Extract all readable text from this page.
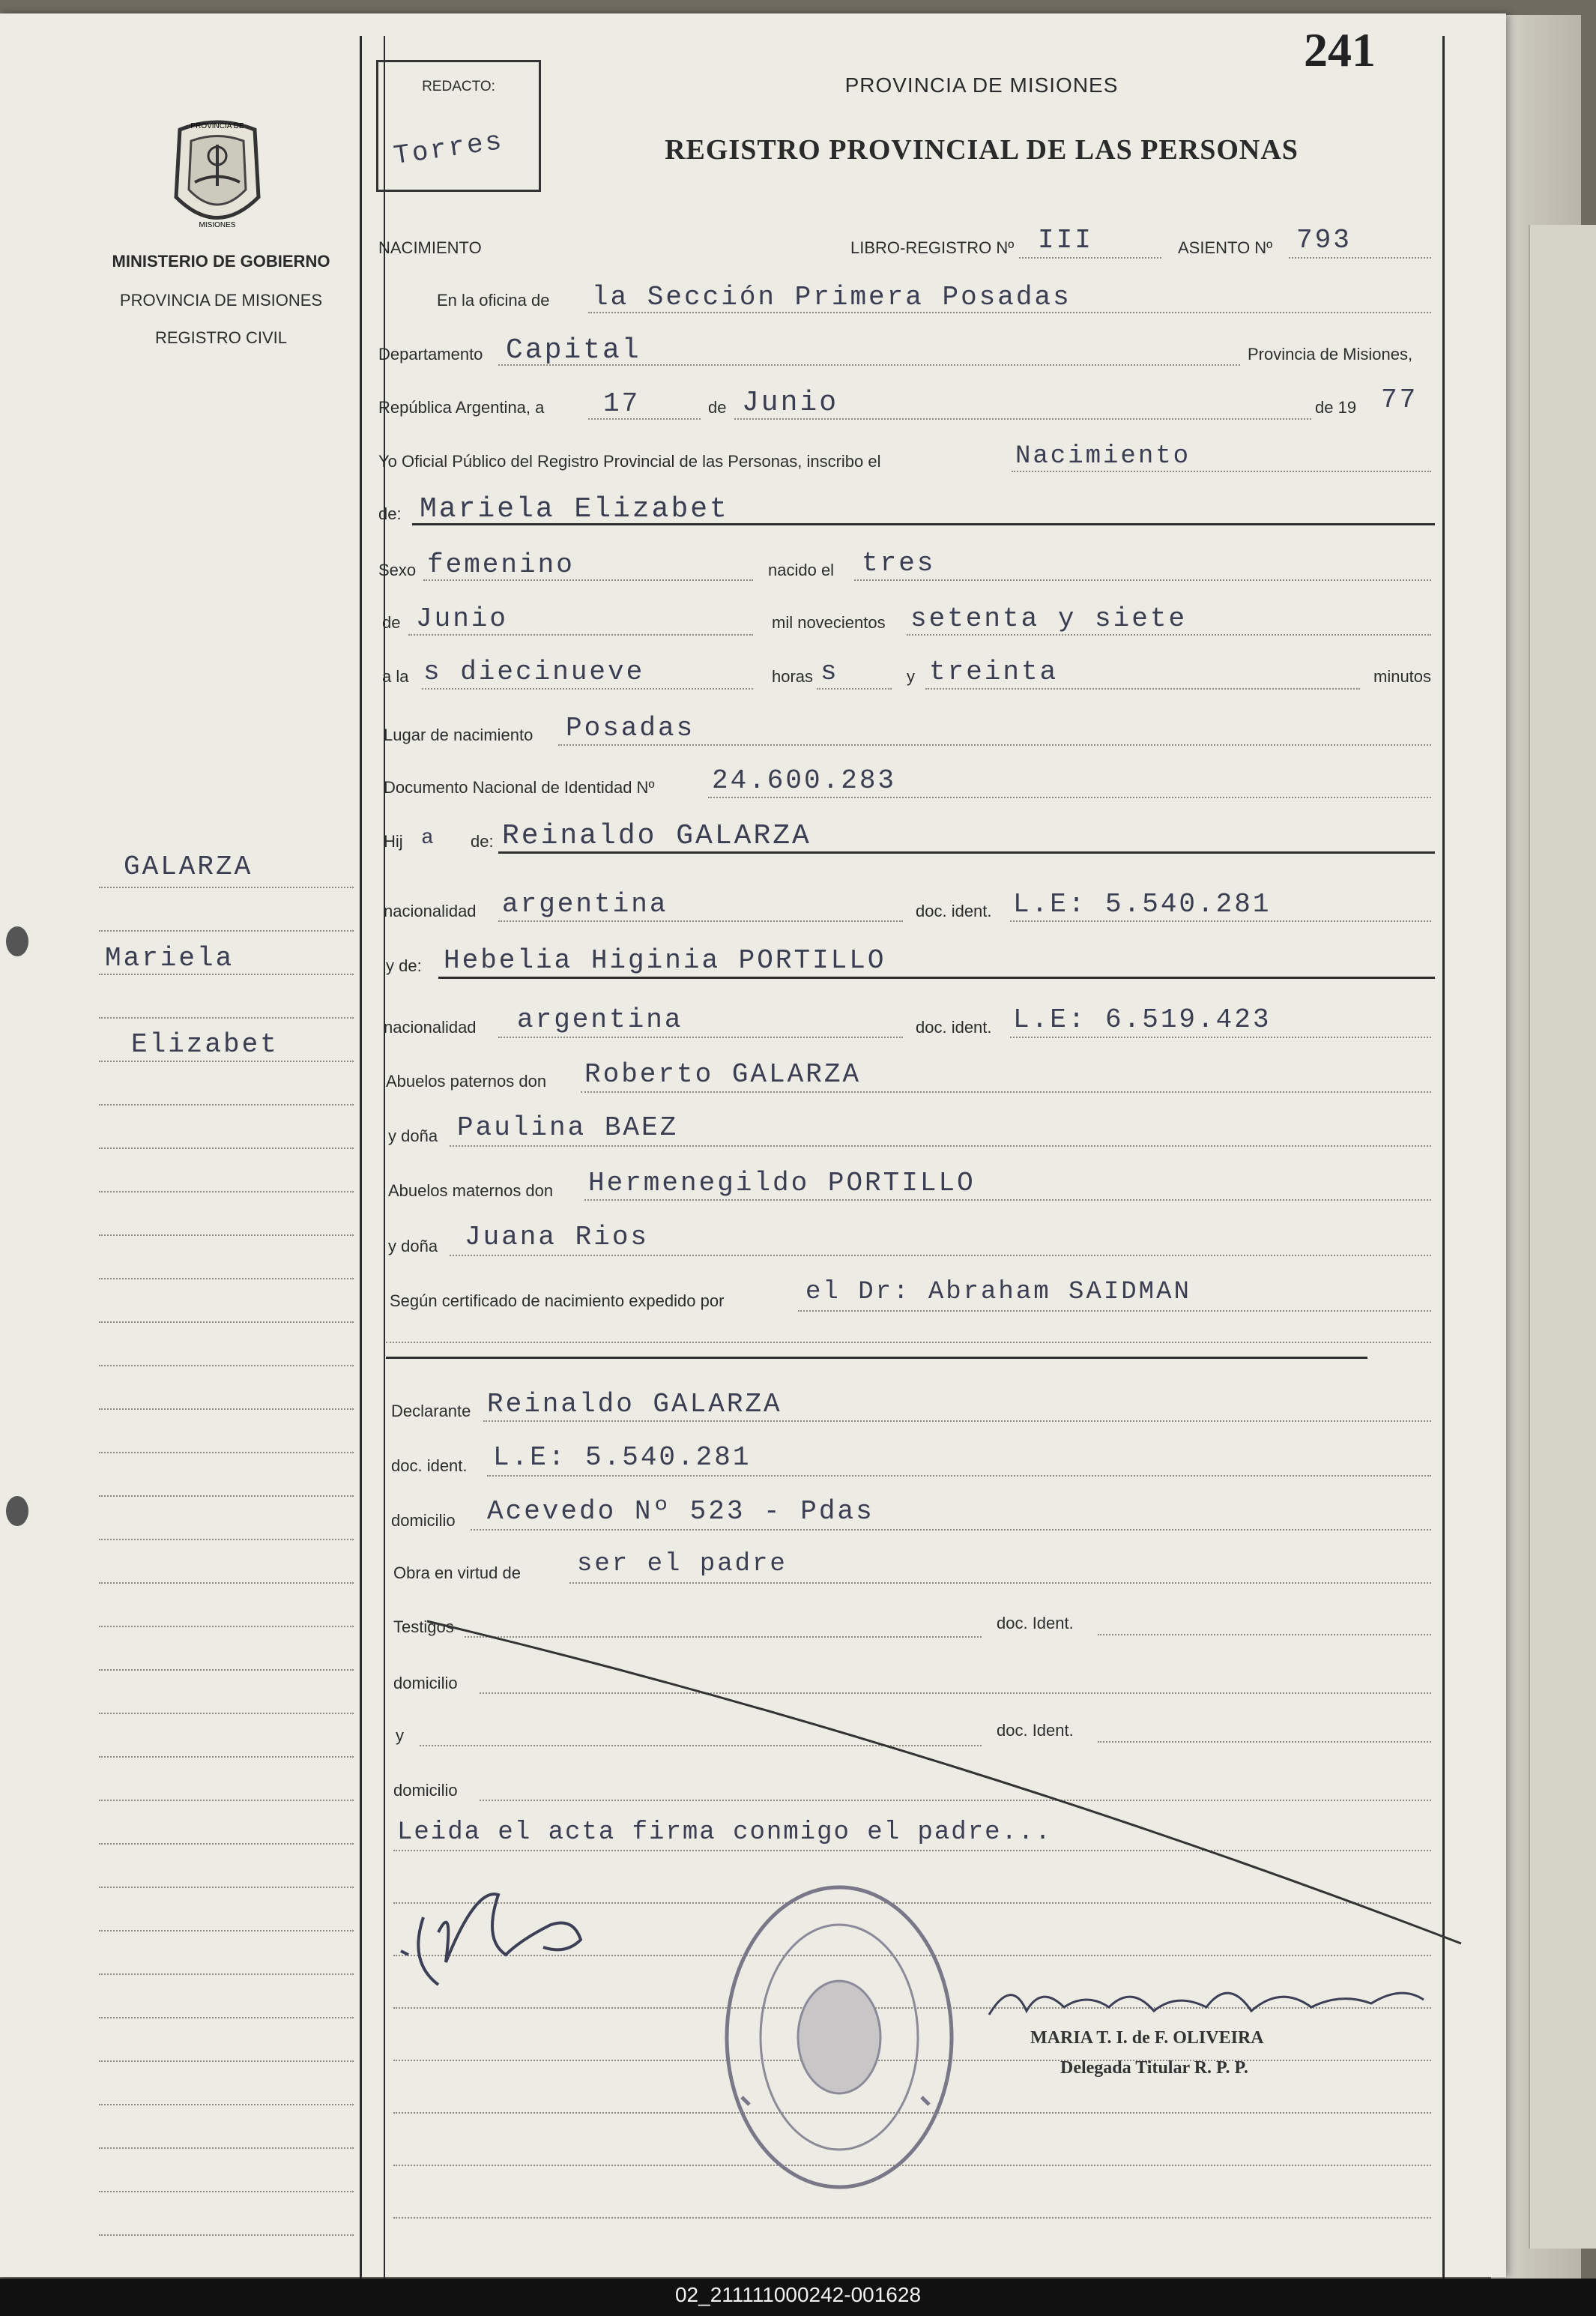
PROVINCIA DE
MISIONES
MINISTERIO DE GOBIERNO
PROVINCIA DE MISIONES
REGISTRO CIVIL
REDACTO:
Torres
241
PROVINCIA DE MISIONES
REGISTRO PROVINCIAL DE LAS PERSONAS
NACIMIENTO	LIBRO-REGISTRO Nº III	ASIENTO Nº 793
En la oficina de la Sección Primera Posadas
Departamento Capital	Provincia de Misiones,
República Argentina, a 17	de Junio	de 19 77
Yo Oficial Público del Registro Provincial de las Personas, inscribo el	Nacimiento
de: Mariela Elizabet
Sexo femenino	nacido el tres
de Junio	mil novecientos setenta y siete
a la s diecinueve	horas s	y treinta	minutos
Lugar de nacimiento Posadas
Documento Nacional de Identidad Nº 24.600.283
Hij a de: Reinaldo GALARZA
nacionalidad argentina	doc. ident. L.E: 5.540.281
y de: Hebelia Higinia PORTILLO
nacionalidad argentina	doc. ident. L.E: 6.519.423
Abuelos paternos don Roberto GALARZA
y doña Paulina BAEZ
Abuelos maternos don Hermenegildo PORTILLO
y doña Juana Rios
Según certificado de nacimiento expedido por	el Dr: Abraham SAIDMAN
Declarante Reinaldo GALARZA
doc. ident. L.E: 5.540.281
domicilio Acevedo Nº 523 - Pdas
Obra en virtud de ser el padre
Testigos	doc. Ident.
domicilio
y	doc. Ident.
domicilio
Leida el acta firma conmigo el padre...
MARIA T. I. de F. OLIVEIRA
Delegada Titular R. P. P.
GALARZA
Mariela
Elizabet
02_211111000242-001628
